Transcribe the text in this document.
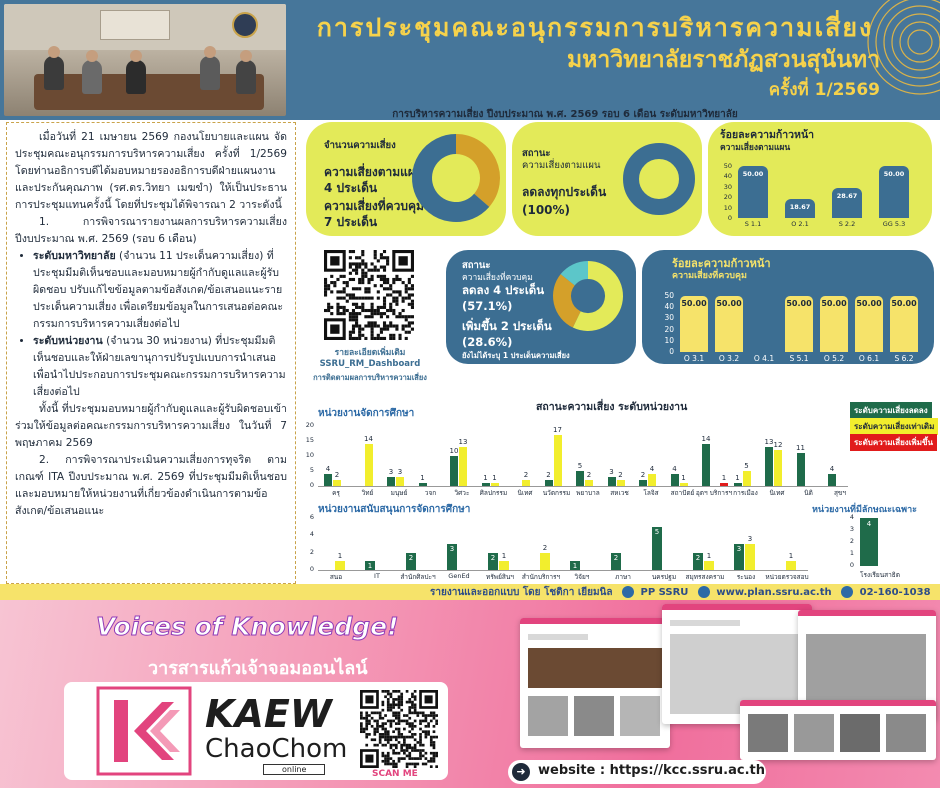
การประชุมคณะอนุกรรมการบริหารความเสี่ยง
มหาวิทยาลัยราชภัฏสวนสุนันทา
ครั้งที่ 1/2569
การบริหารความเสี่ยง ปีงบประมาณ พ.ศ. 2569 รอบ 6 เดือน ระดับมหาวิทยาลัย

เมื่อวันที่ 21 เมษายน 2569 กองนโยบายและแผน จัดประชุมคณะอนุกรรมการบริหารความเสี่ยง ครั้งที่ 1/2569 โดยท่านอธิการบดีได้มอบหมายรองอธิการบดีฝ่ายแผนงานและประกันคุณภาพ (รศ.ดร.วิทยา เมฆขำ) ให้เป็นประธานการประชุมแทนครั้งนี้ โดยที่ประชุมได้พิจารณา 2 วาระดังนี้

1. การพิจารณารายงานผลการบริหารความเสี่ยง ปีงบประมาณ พ.ศ. 2569 (รอบ 6 เดือน)

• ระดับมหาวิทยาลัย (จำนวน 11 ประเด็นความเสี่ยง) ที่ประชุมมีมติเห็นชอบและมอบหมายผู้กำกับดูแลและผู้รับผิดชอบ ปรับแก้ไขข้อมูลตามข้อสังเกต/ข้อเสนอแนะรายประเด็นความเสี่ยง เพื่อเตรียมข้อมูลในการเสนอต่อคณะกรรมการบริหารความเสี่ยงต่อไป
• ระดับหน่วยงาน (จำนวน 30 หน่วยงาน) ที่ประชุมมีมติเห็นชอบและให้ฝ่ายเลขานุการปรับรูปแบบการนำเสนอเพื่อนำไปประกอบการประชุมคณะกรรมการบริหารความเสี่ยงต่อไป

ทั้งนี้ ที่ประชุมมอบหมายผู้กำกับดูแลและผู้รับผิดชอบเข้าร่วมให้ข้อมูลต่อคณะกรรมการบริหารความเสี่ยง ในวันที่ 7 พฤษภาคม 2569

2. การพิจารณาประเมินความเสี่ยงการทุจริต ตามเกณฑ์ ITA ปีงบประมาณ พ.ศ. 2569 ที่ประชุมมีมติเห็นชอบและมอบหมายให้หน่วยงานที่เกี่ยวข้องดำเนินการตามข้อสังเกต/ข้อเสนอแนะ

จำนวนความเสี่ยง
ความเสี่ยงตามแผน
4 ประเด็น
ความเสี่ยงที่ควบคุม
7 ประเด็น
สถานะ
ความเสี่ยงตามแผน
ลดลงทุกประเด็น
(100%)
ร้อยละความก้าวหน้า
ความเสี่ยงตามแผน
50
40
30
20
10
0
50.00
S 1.1
18.67
O 2.1
28.67
S 2.2
50.00
GG 5.3
รายละเอียดเพิ่มเติม
SSRU_RM_Dashboard
การติดตามผลการบริหารความเสี่ยง
สถานะ
ความเสี่ยงที่ควบคุม
ลดลง 4 ประเด็น
(57.1%)
เพิ่มขึ้น 2 ประเด็น
(28.6%)
ยังไม่ได้ระบุ 1 ประเด็นความเสี่ยง
ร้อยละความก้าวหน้า
ความเสี่ยงที่ควบคุม
50
40
30
20
10
0
50.00
O 3.1
50.00
O 3.2	O 4.1
50.00
S 5.1
50.00
O 5.2
50.00
O 6.1
50.00
S 6.2
20
15
10
5
0
4
2
ครุ
14
วิทย์
3 3
มนุษย์
1
วจก
10
13
วิศวะ
1 1
ศิลปกรรม
2
นิเทศ
2
17
นวัตกรรม
5
2
พยาบาล
3 2
สหเวช
2
4
โลจิส
4
1
สถาปัตย์
14
1
อุตฯ บริการฯ
1
5
การเมือง
13 12
นิเทศ
11
นิติ
4
สุขฯ
6
4
2
0
1
สนอ
1
IT
2
สำนักศิลปะฯ
3
GenEd
2 1
ทรัพย์สินฯ
2
สำนักบริการฯ
1
วิจัยฯ
2
ภาษา
5
นครปฐม
2 1
สมุทรสงคราม
3
3
ระนอง
1
หน่วยตรวจสอบ
4
3
2
1
0
4
โรงเรียนสาธิต
สถานะความเสี่ยง ระดับหน่วยงาน
หน่วยงานจัดการศึกษา
หน่วยงานสนับสนุนการจัดการศึกษา	หน่วยงานที่มีลักษณะเฉพาะ
ระดับความเสี่ยงลดลง
ระดับความเสี่ยงเท่าเดิม
ระดับความเสี่ยงเพิ่มขึ้น
รายงานและออกแบบ โดย โชติกา เยียมนิล	PP SSRU	www.plan.ssru.ac.th	02-160-1038
Voices of Knowledge!
วารสารแก้วเจ้าจอมออนไลน์
KAEW
ChaoChom
online	SCAN ME	➜ website : https://kcc.ssru.ac.th
